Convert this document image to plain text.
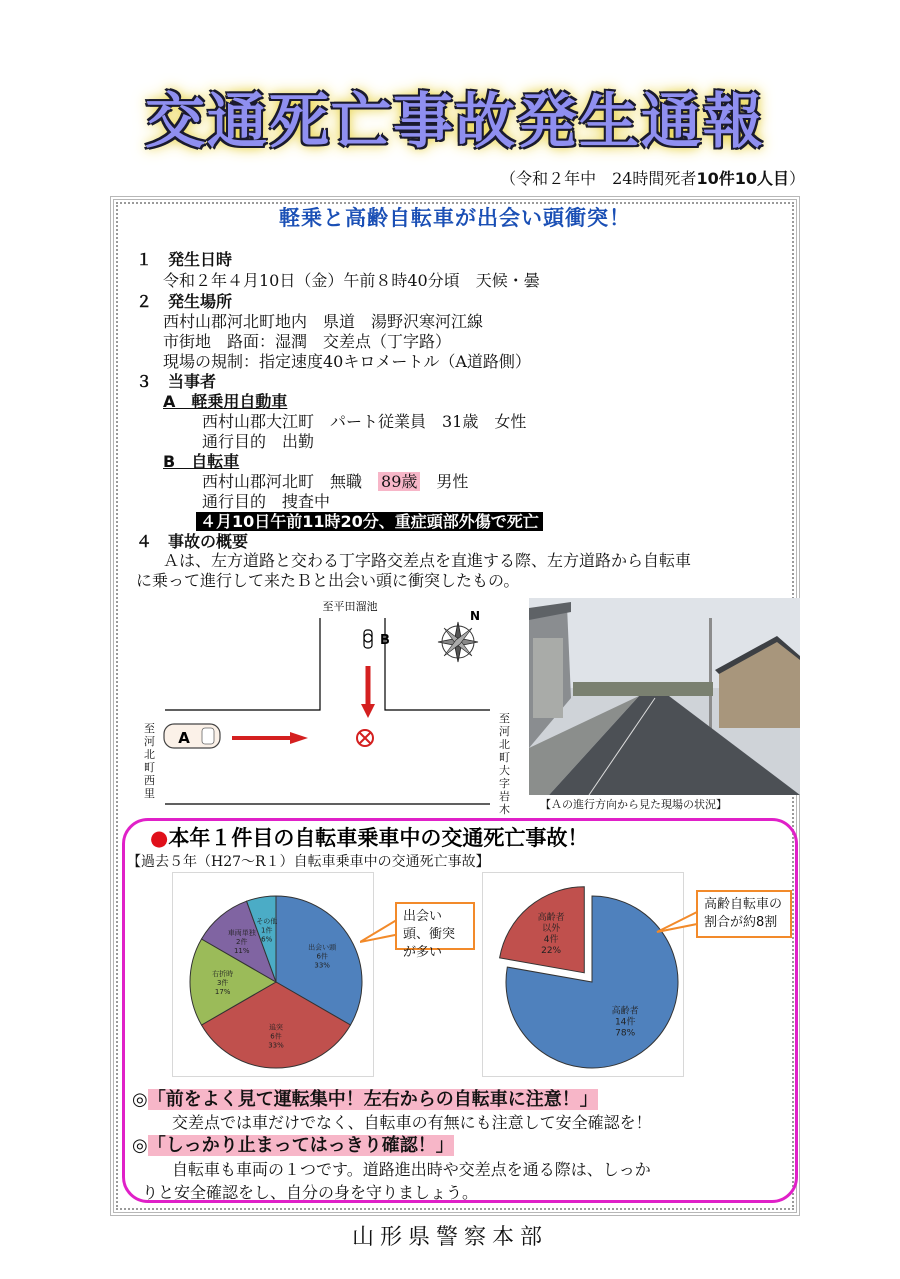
交通死亡事故発生通報
（令和２年中　24時間死者10件10人目）
軽乗と高齢自転車が出会い頭衝突！
１　 発生日時
令和２年４月10日（金）午前８時40分頃　天候・曇
２　 発生場所
西村山郡河北町地内　県道　湯野沢寒河江線
市街地　路面：湿潤　交差点（丁字路）
現場の規制：指定速度40キロメートル（A道路側）
３　 当事者
A　軽乗用自動車
西村山郡大江町　パート従業員　31歳　女性
通行目的　出勤
B　自転車
西村山郡河北町　無職　 89歳　 男性
通行目的　捜査中
４月10日午前11時20分、重症頭部外傷で死亡
４　 事故の概要
Ａは、左方道路と交わる丁字路交差点を直進する際、左方道路から自転車
に乗って進行して来たＢと出会い頭に衝突したもの。
至平田溜池
B
N
A
至河北町西里
至河北町大字岩木	【Ａの進行方向から見た現場の状況】
●本年１件目の自転車乗車中の交通死亡事故！
【過去５年（H27～R１）自転車乗車中の交通死亡事故】
出会い頭
6件
33%
追突
6件
33%
右折時
3件
17%
車両単独
2件
11%
その他
1件
6%
高齢者
14件
78%
高齢者
以外
4件
22%
出会い頭、衝突が多い
高齢自転車の割合が約8割
◎「前をよく見て運転集中！左右からの自転車に注意！」
交差点では車だけでなく、自転車の有無にも注意して安全確認を！
◎「しっかり止まってはっきり確認！」
自転車も車両の１つです。道路進出時や交差点を通る際は、しっか
りと安全確認をし、自分の身を守りましょう。
山形県警察本部
